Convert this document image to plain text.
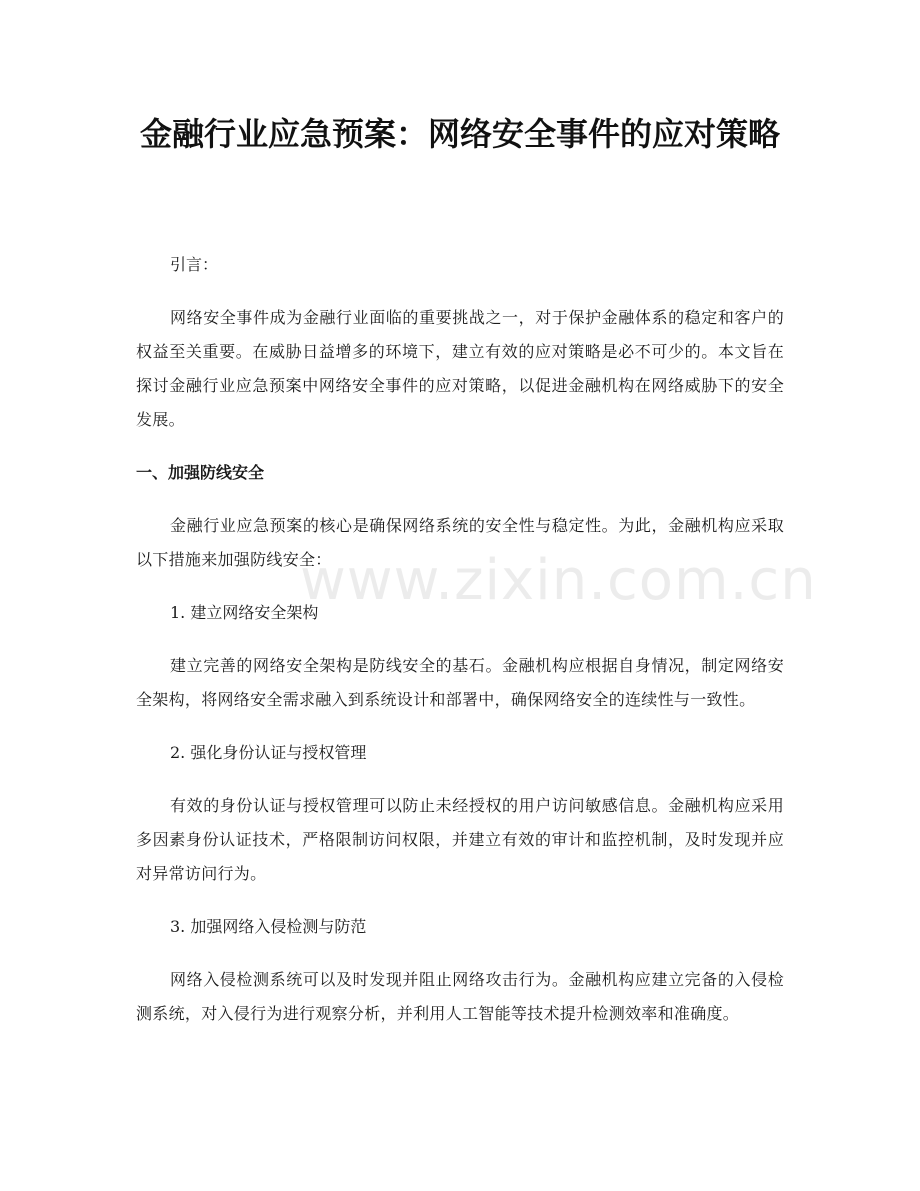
金融行业应急预案：网络安全事件的应对策略

引言：

网络安全事件成为金融行业面临的重要挑战之一，对于保护金融体系的稳定和客户的权益至关重要。在威胁日益增多的环境下，建立有效的应对策略是必不可少的。本文旨在探讨金融行业应急预案中网络安全事件的应对策略，以促进金融机构在网络威胁下的安全发展。

一、加强防线安全

金融行业应急预案的核心是确保网络系统的安全性与稳定性。为此，金融机构应采取以下措施来加强防线安全：

1. 建立网络安全架构

建立完善的网络安全架构是防线安全的基石。金融机构应根据自身情况，制定网络安全架构，将网络安全需求融入到系统设计和部署中，确保网络安全的连续性与一致性。

2. 强化身份认证与授权管理

有效的身份认证与授权管理可以防止未经授权的用户访问敏感信息。金融机构应采用多因素身份认证技术，严格限制访问权限，并建立有效的审计和监控机制，及时发现并应对异常访问行为。

3. 加强网络入侵检测与防范

网络入侵检测系统可以及时发现并阻止网络攻击行为。金融机构应建立完备的入侵检测系统，对入侵行为进行观察分析，并利用人工智能等技术提升检测效率和准确度。

www.zixin.com.cn
